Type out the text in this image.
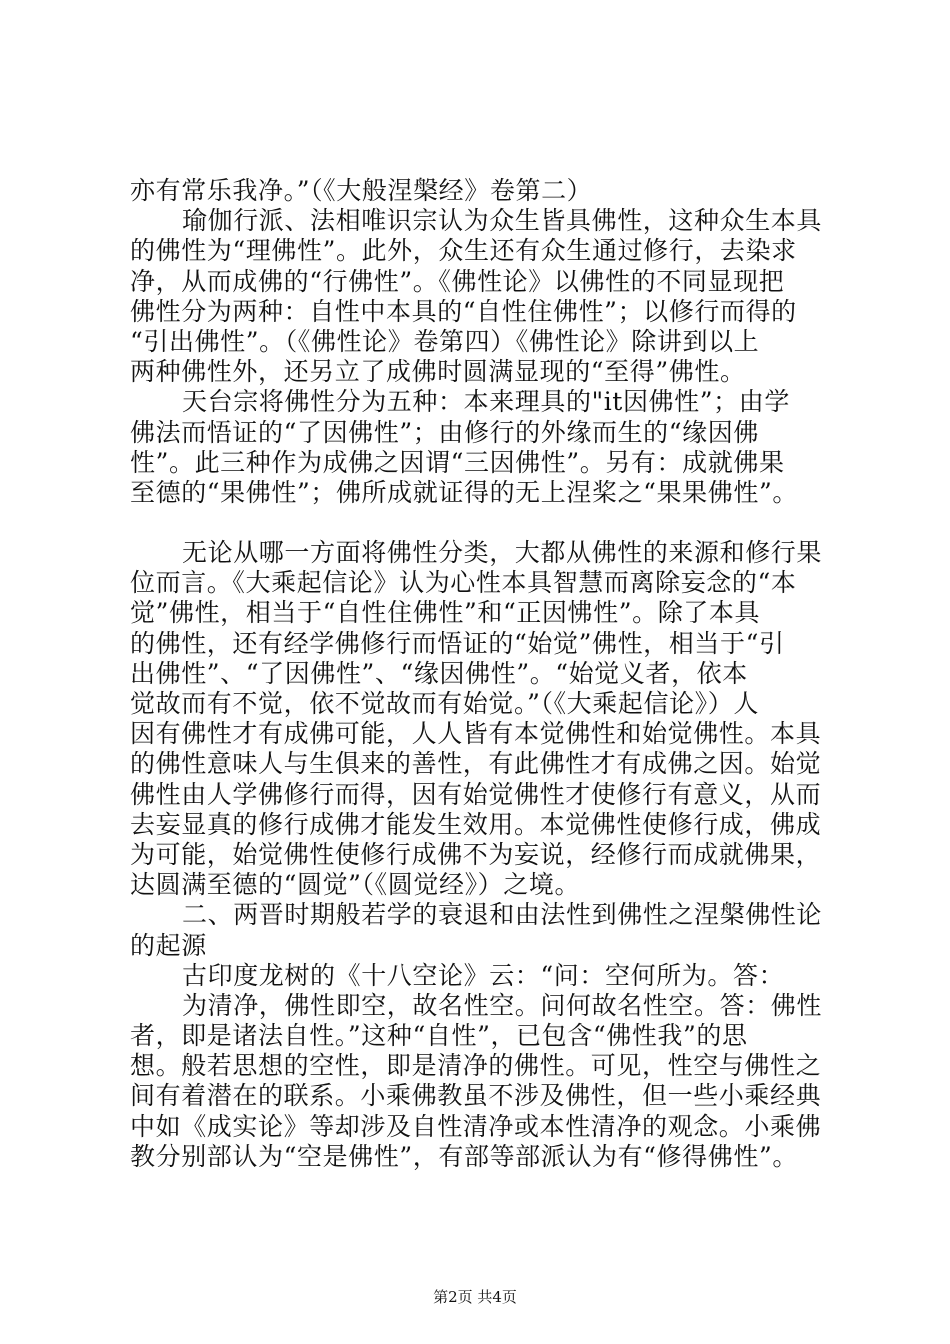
亦有常乐我净。”（《大般涅槃经》卷第二）
瑜伽行派、法相唯识宗认为众生皆具佛性，这种众生本具
的佛性为“理佛性”。此外，众生还有众生通过修行，去染求
净，从而成佛的“行佛性”。《佛性论》以佛性的不同显现把
佛性分为两种：自性中本具的“自性住佛性”；以修行而得的
“引出佛性”。（《佛性论》卷第四）《佛性论》除讲到以上
两种佛性外，还另立了成佛时圆满显现的“至得”佛性。
天台宗将佛性分为五种：本来理具的"it因佛性”；由学
佛法而悟证的“了因佛性”；由修行的外缘而生的“缘因佛
性”。此三种作为成佛之因谓“三因佛性”。另有：成就佛果
至德的“果佛性”；佛所成就证得的无上涅桨之“果果佛性”。
无论从哪一方面将佛性分类，大都从佛性的来源和修行果
位而言。《大乘起信论》认为心性本具智慧而离除妄念的“本
觉”佛性，相当于“自性住佛性”和“正因怫性”。除了本具
的佛性，还有经学佛修行而悟证的“始觉”佛性，相当于“引
出佛性”、“了因佛性”、“缘因佛性”。“始觉义者，依本
觉故而有不觉，依不觉故而有始觉。”（《大乘起信论》）人
因有佛性才有成佛可能，人人皆有本觉佛性和始觉佛性。本具
的佛性意味人与生俱来的善性，有此佛性才有成佛之因。始觉
佛性由人学佛修行而得，因有始觉佛性才使修行有意义，从而
去妄显真的修行成佛才能发生效用。本觉佛性使修行成，佛成
为可能，始觉佛性使修行成佛不为妄说，经修行而成就佛果，
达圆满至德的“圆觉”（《圆觉经》）之境。
二、两晋时期般若学的衰退和由法性到佛性之涅槃佛性论
的起源
古印度龙树的《十八空论》云：“问：空何所为。答：
为清净，佛性即空，故名性空。问何故名性空。答：佛性
者，即是诸法自性。”这种“自性”，已包含“佛性我”的思
想。般若思想的空性，即是清净的佛性。可见，性空与佛性之
间有着潜在的联系。小乘佛教虽不涉及佛性，但一些小乘经典
中如《成实论》等却涉及自性清净或本性清净的观念。小乘佛
教分别部认为“空是佛性”，有部等部派认为有“修得佛性”。
第2页 共4页
